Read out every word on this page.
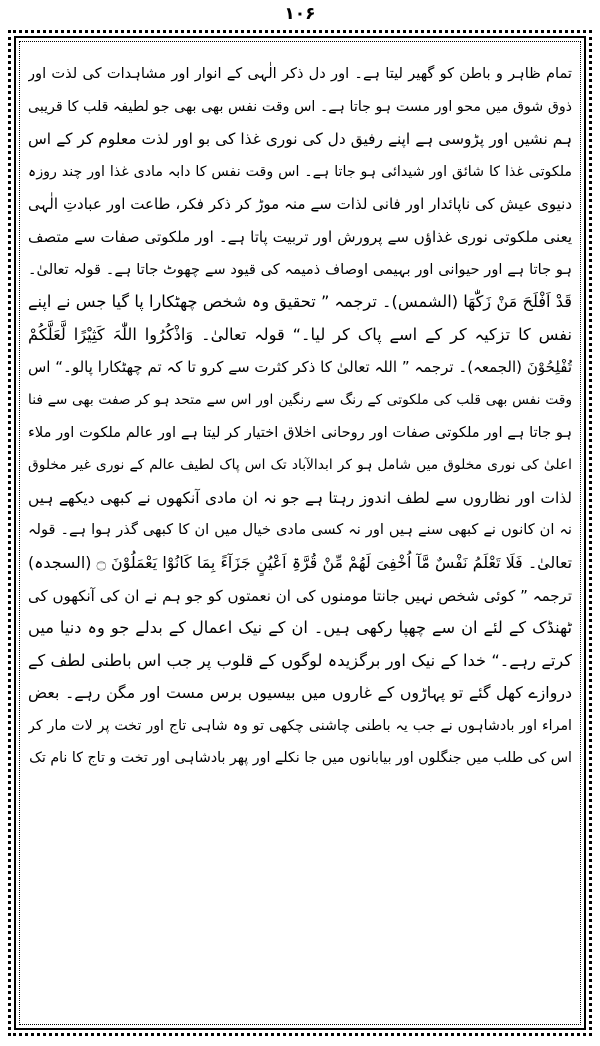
۱۰۶
تمام ظاہر و باطن کو گھیر لیتا ہے۔ اور دل ذکر الٰہی کے انوار اور مشاہدات کی لذت اور
ذوق شوق میں محو اور مست ہو جاتا ہے۔ اس وقت نفس بھی بھی جو لطیفہ قلب کا قریبی
ہم نشیں اور پڑوسی ہے اپنے رفیق دل کی نوری غذا کی بو اور لذت معلوم کر کے اس
ملکوتی غذا کا شائق اور شیدائی ہو جاتا ہے۔ اس وقت نفس کا دابہ مادی غذا اور چند روزہ
دنیوی عیش کی ناپائدار اور فانی لذات سے منہ موڑ کر ذکر فکر، طاعت اور عبادتِ الٰہی
یعنی ملکوتی نوری غذاؤں سے پرورش اور تربیت پاتا ہے۔ اور ملکوتی صفات سے متصف
ہو جاتا ہے اور حیوانی اور بہیمی اوصاف ذمیمہ کی قیود سے چھوٹ جاتا ہے۔ قولہ تعالیٰ۔
قَدْ اَفْلَحَ مَنْ زَکّٰھَا (الشمس)۔ ترجمہ ” تحقیق وہ شخص چھٹکارا پا گیا جس نے اپنے
نفس کا تزکیہ کر کے اسے پاک کر لیا۔“ قولہ تعالیٰ۔ وَاذْکُرُوا اللّٰہَ کَثِیْرًا لَّعَلَّکُمْ
تُفْلِحُوْنَ (الجمعہ)۔ ترجمہ ” اللہ تعالیٰ کا ذکر کثرت سے کرو تا کہ تم چھٹکارا پالو۔“ اس
وقت نفس بھی قلب کی ملکوتی کے رنگ سے رنگین اور اس سے متحد ہو کر صفت بھی سے فنا
ہو جاتا ہے اور ملکوتی صفات اور روحانی اخلاق اختیار کر لیتا ہے اور عالم ملکوت اور ملاء
اعلیٰ کی نوری مخلوق میں شامل ہو کر ابدالآباد تک اس پاک لطیف عالم کے نوری غیر مخلوق
لذات اور نظاروں سے لطف اندوز رہتا ہے جو نہ ان مادی آنکھوں نے کبھی دیکھے ہیں
نہ ان کانوں نے کبھی سنے ہیں اور نہ کسی مادی خیال میں ان کا کبھی گذر ہوا ہے۔ قولہ
تعالیٰ۔ فَلَا تَعْلَمُ نَفْسٌ مَّآ اُخْفِیَ لَھُمْ مِّنْ قُرَّۃِ اَعْیُنٍ جَزَآءً بِمَا کَانُوْا یَعْمَلُوْنَ ۝ (السجدہ)
ترجمہ ” کوئی شخص نہیں جانتا مومنوں کی ان نعمتوں کو جو ہم نے ان کی آنکھوں کی
ٹھنڈک کے لئے ان سے چھپا رکھی ہیں۔ ان کے نیک اعمال کے بدلے جو وہ دنیا میں
کرتے رہے۔“ خدا کے نیک اور برگزیدہ لوگوں کے قلوب پر جب اس باطنی لطف کے
دروازے کھل گئے تو پہاڑوں کے غاروں میں بیسیوں برس مست اور مگن رہے۔ بعض
امراء اور بادشاہوں نے جب یہ باطنی چاشنی چکھی تو وہ شاہی تاج اور تخت پر لات مار کر
اس کی طلب میں جنگلوں اور بیابانوں میں جا نکلے اور پھر بادشاہی اور تخت و تاج کا نام تک
